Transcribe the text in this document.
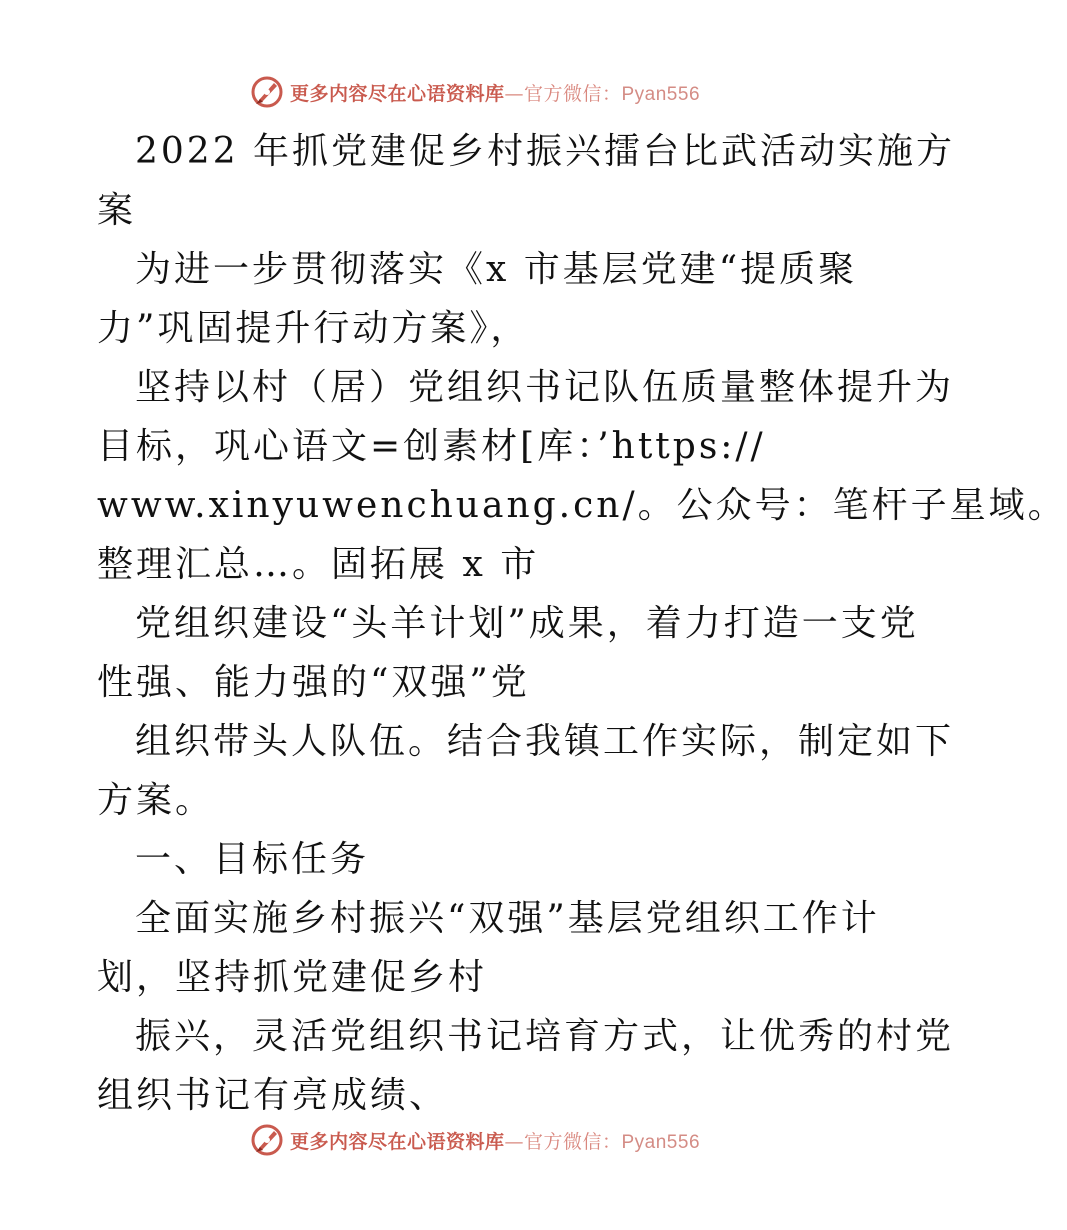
更多内容尽在心语资料库—官方微信：Pyan556
2022 年抓党建促乡村振兴擂台比武活动实施方
案
为进一步贯彻落实《x 市基层党建“提质聚
力”巩固提升行动方案》，
坚持以村（居）党组织书记队伍质量整体提升为
目标，巩心语文=创素材[库：’https://
www.xinyuwenchuang.cn/。公众号：笔杆子星域。
整理汇总…。固拓展 x 市
党组织建设“头羊计划”成果，着力打造一支党
性强、能力强的“双强”党
组织带头人队伍。结合我镇工作实际，制定如下
方案。
一、目标任务
全面实施乡村振兴“双强”基层党组织工作计
划，坚持抓党建促乡村
振兴，灵活党组织书记培育方式，让优秀的村党
组织书记有亮成绩、
更多内容尽在心语资料库—官方微信：Pyan556
